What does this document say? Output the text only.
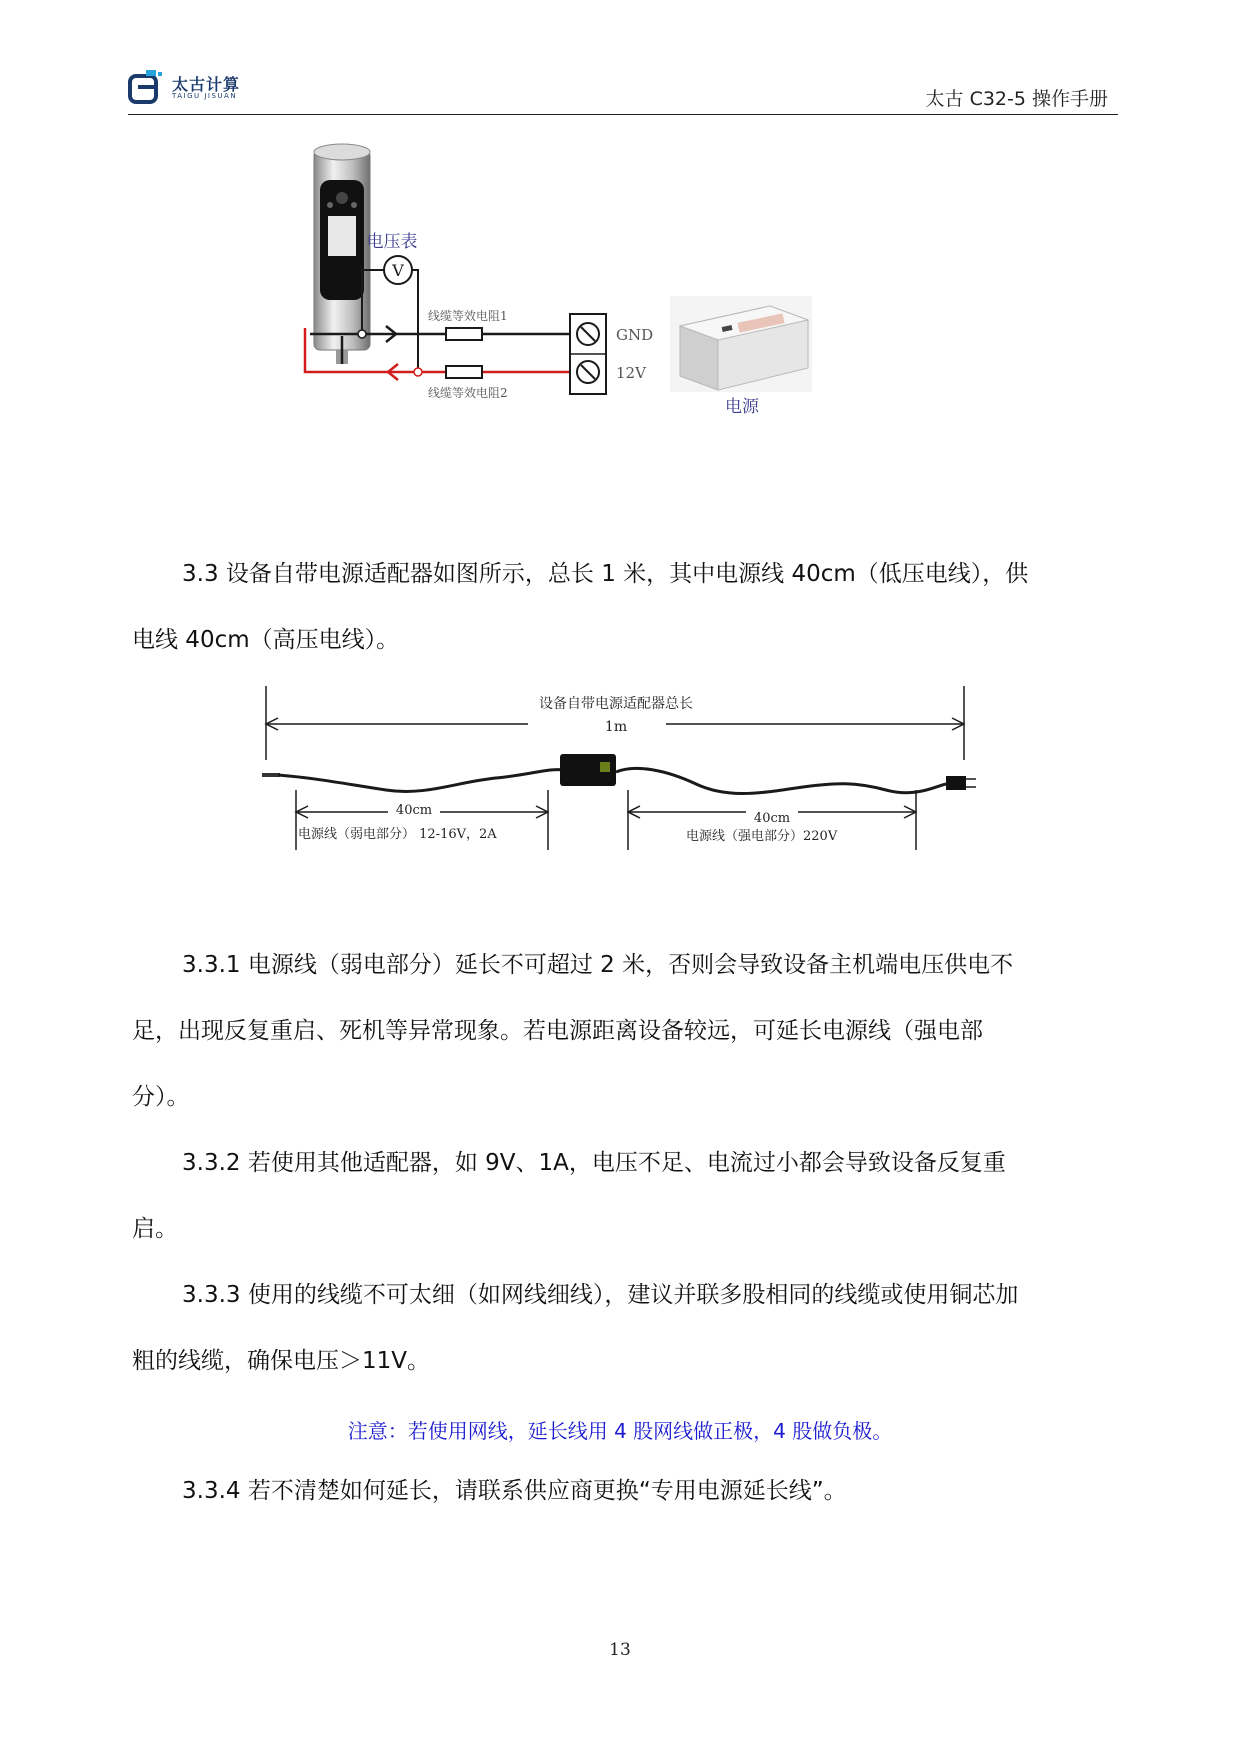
太古计算
TAIGU JISUAN	太古 C32-5 操作手册
V
电压表
线缆等效电阻1
线缆等效电阻2
GND
12V
电源
3.3 设备自带电源适配器如图所示，总长 1 米，其中电源线 40cm（低压电线），供
电线 40cm（高压电线）。
设备自带电源适配器总长
1m
40cm
电源线（弱电部分） 12-16V，2A
40cm
电源线（强电部分）220V
3.3.1 电源线（弱电部分）延长不可超过 2 米，否则会导致设备主机端电压供电不
足，出现反复重启、死机等异常现象。若电源距离设备较远，可延长电源线（强电部
分）。
3.3.2 若使用其他适配器，如 9V、1A，电压不足、电流过小都会导致设备反复重
启。
3.3.3 使用的线缆不可太细（如网线细线），建议并联多股相同的线缆或使用铜芯加
粗的线缆，确保电压＞11V。
注意：若使用网线，延长线用 4 股网线做正极，4 股做负极。
3.3.4 若不清楚如何延长，请联系供应商更换“专用电源延长线”。
13
